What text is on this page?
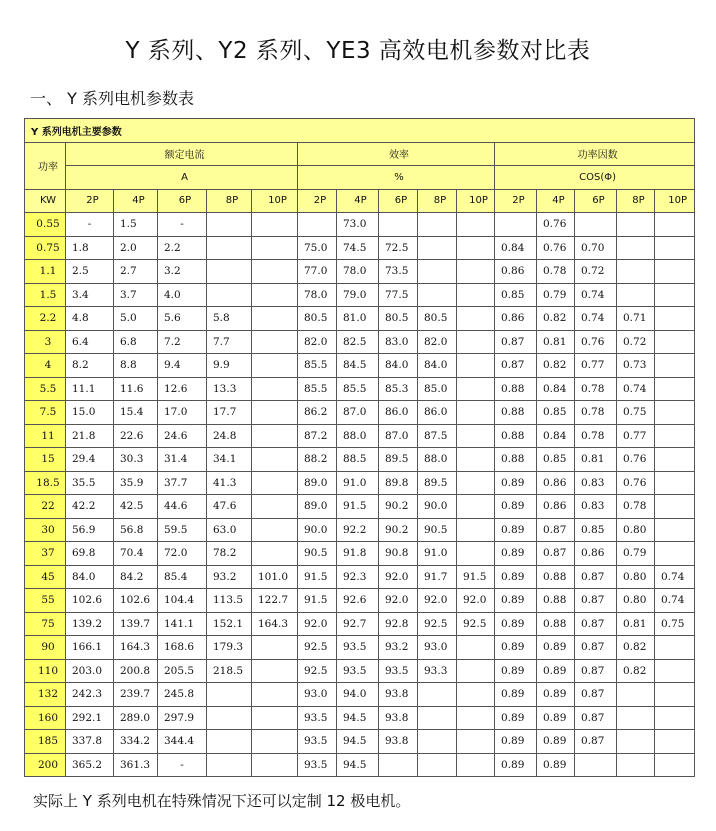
Y 系列、Y2 系列、YE3 高效电机参数对比表
一、 Y 系列电机参数表
Y 系列电机主要参数															
功率	额定电流					效率					功率因数				
	A					%					COS(Φ)				
KW	2P	4P	6P	8P	10P	2P	4P	6P	8P	10P	2P	4P	6P	8P	10P
0.55	-	1.5	-				73.0					0.76			
0.75	1.8	2.0	2.2			75.0	74.5	72.5			0.84	0.76	0.70		
1.1	2.5	2.7	3.2			77.0	78.0	73.5			0.86	0.78	0.72		
1.5	3.4	3.7	4.0			78.0	79.0	77.5			0.85	0.79	0.74		
2.2	4.8	5.0	5.6	5.8		80.5	81.0	80.5	80.5		0.86	0.82	0.74	0.71	
3	6.4	6.8	7.2	7.7		82.0	82.5	83.0	82.0		0.87	0.81	0.76	0.72	
4	8.2	8.8	9.4	9.9		85.5	84.5	84.0	84.0		0.87	0.82	0.77	0.73	
5.5	11.1	11.6	12.6	13.3		85.5	85.5	85.3	85.0		0.88	0.84	0.78	0.74	
7.5	15.0	15.4	17.0	17.7		86.2	87.0	86.0	86.0		0.88	0.85	0.78	0.75	
11	21.8	22.6	24.6	24.8		87.2	88.0	87.0	87.5		0.88	0.84	0.78	0.77	
15	29.4	30.3	31.4	34.1		88.2	88.5	89.5	88.0		0.88	0.85	0.81	0.76	
18.5	35.5	35.9	37.7	41.3		89.0	91.0	89.8	89.5		0.89	0.86	0.83	0.76	
22	42.2	42.5	44.6	47.6		89.0	91.5	90.2	90.0		0.89	0.86	0.83	0.78	
30	56.9	56.8	59.5	63.0		90.0	92.2	90.2	90.5		0.89	0.87	0.85	0.80	
37	69.8	70.4	72.0	78.2		90.5	91.8	90.8	91.0		0.89	0.87	0.86	0.79	
45	84.0	84.2	85.4	93.2	101.0	91.5	92.3	92.0	91.7	91.5	0.89	0.88	0.87	0.80	0.74
55	102.6	102.6	104.4	113.5	122.7	91.5	92.6	92.0	92.0	92.0	0.89	0.88	0.87	0.80	0.74
75	139.2	139.7	141.1	152.1	164.3	92.0	92.7	92.8	92.5	92.5	0.89	0.88	0.87	0.81	0.75
90	166.1	164.3	168.6	179.3		92.5	93.5	93.2	93.0		0.89	0.89	0.87	0.82	
110	203.0	200.8	205.5	218.5		92.5	93.5	93.5	93.3		0.89	0.89	0.87	0.82	
132	242.3	239.7	245.8			93.0	94.0	93.8			0.89	0.89	0.87		
160	292.1	289.0	297.9			93.5	94.5	93.8			0.89	0.89	0.87		
185	337.8	334.2	344.4			93.5	94.5	93.8			0.89	0.89	0.87		
200	365.2	361.3	-			93.5	94.5				0.89	0.89			
实际上 Y 系列电机在特殊情况下还可以定制 12 极电机。
